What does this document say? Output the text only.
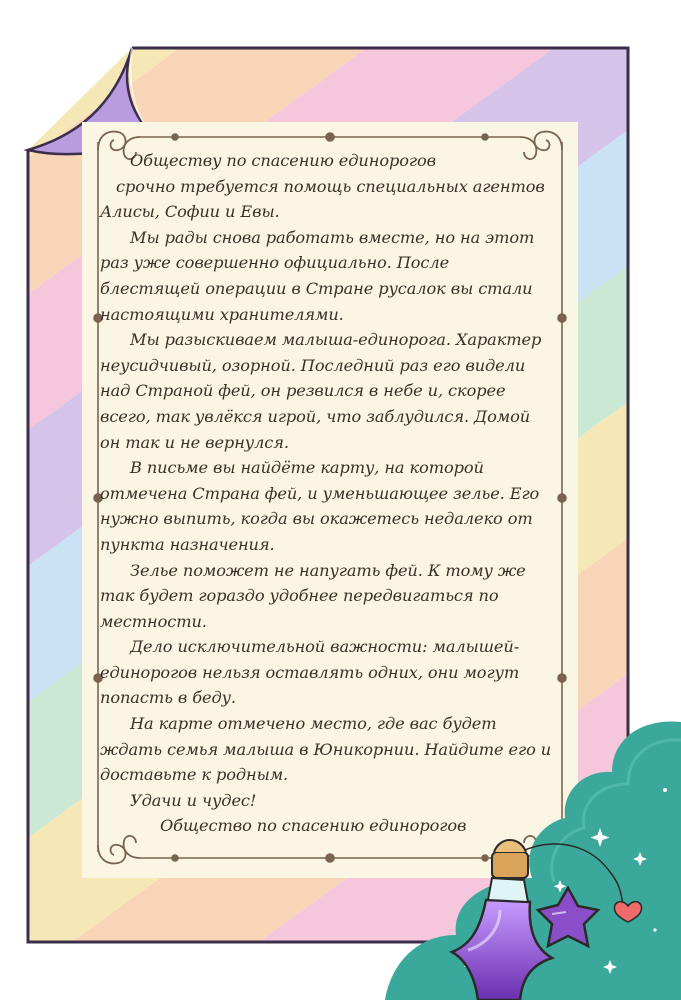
Обществу по спасению единорогов

срочно требуется помощь специальных агентов Алисы, Софии и Евы.

Мы рады снова работать вместе, но на этот раз уже совершенно официально. После блестящей операции в Стране русалок вы стали настоящими хранителями.

Мы разыскиваем малыша-единорога. Характер неусидчивый, озорной. Последний раз его видели над Страной фей, он резвился в небе и, скорее всего, так увлёкся игрой, что заблудился. Домой он так и не вернулся.

В письме вы найдёте карту, на которой отмечена Страна фей, и уменьшающее зелье. Его нужно выпить, когда вы окажетесь недалеко от пункта назначения.

Зелье поможет не напугать фей. К тому же так будет гораздо удобнее передвигаться по местности.

Дело исключительной важности: малышей-единорогов нельзя оставлять одних, они могут попасть в беду.

На карте отмечено место, где вас будет ждать семья малыша в Юникорнии. Найдите его и доставьте к родным.

Удачи и чудес!

Общество по спасению единорогов
